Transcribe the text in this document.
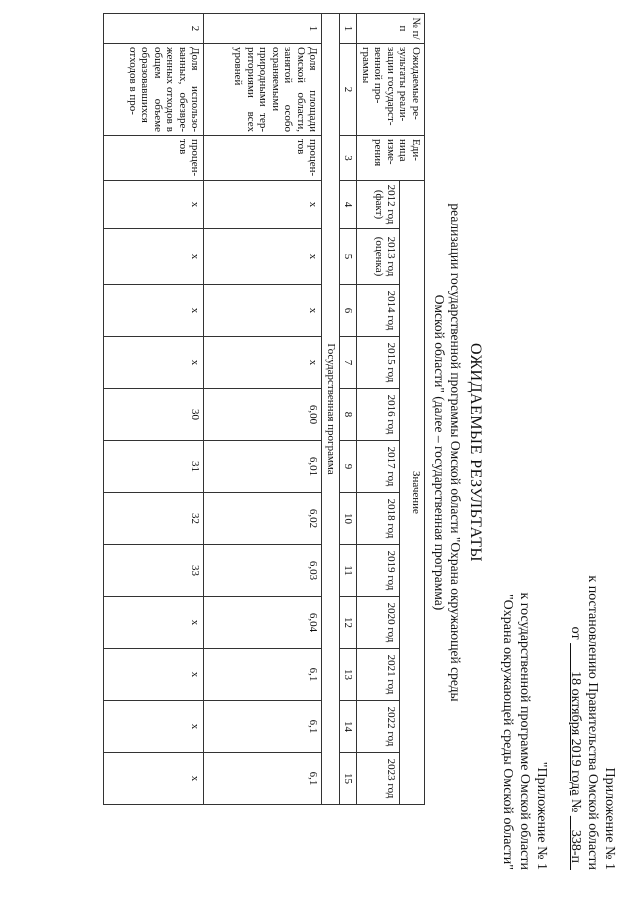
Приложение № 1
к постановлению Правительства Омской области
от         18 октября 2019 года №     338-п
"Приложение № 1
к государственной программе Омской области
"Охрана окружающей среды Омской области"
ОЖИДАЕМЫЕ РЕЗУЛЬТАТЫ
реализации государственной программы Омской области "Охрана окружающей среды
Омской области" (далее – государственная программа)
№ п/п	Ожидаемые ре-зультаты реали-зации государст-венной про-граммы	Еди-ница изме-рения	Значение											
			2012 год (факт)	2013 год (оценка)	2014 год	2015 год	2016 год	2017 год	2018 год	2019 год	2020 год	2021 год	2022 год	2023 год
1	2	3	4	5	6	7	8	9	10	11	12	13	14	15
Государственная программа														
1	Доля площади Омской области, занятой особо охраняемыми природными тер-риториями всех уровней	процен-тов	x	x	x	x	6,00	6,01	6,02	6,03	6,04	6,1	6,1	6,1
2	Доля использо-ванных, обезвре-женных отходов в общем объеме образовавшихся отходов в про-	процен-тов	x	x	x	x	30	31	32	33	x	x	x	x
